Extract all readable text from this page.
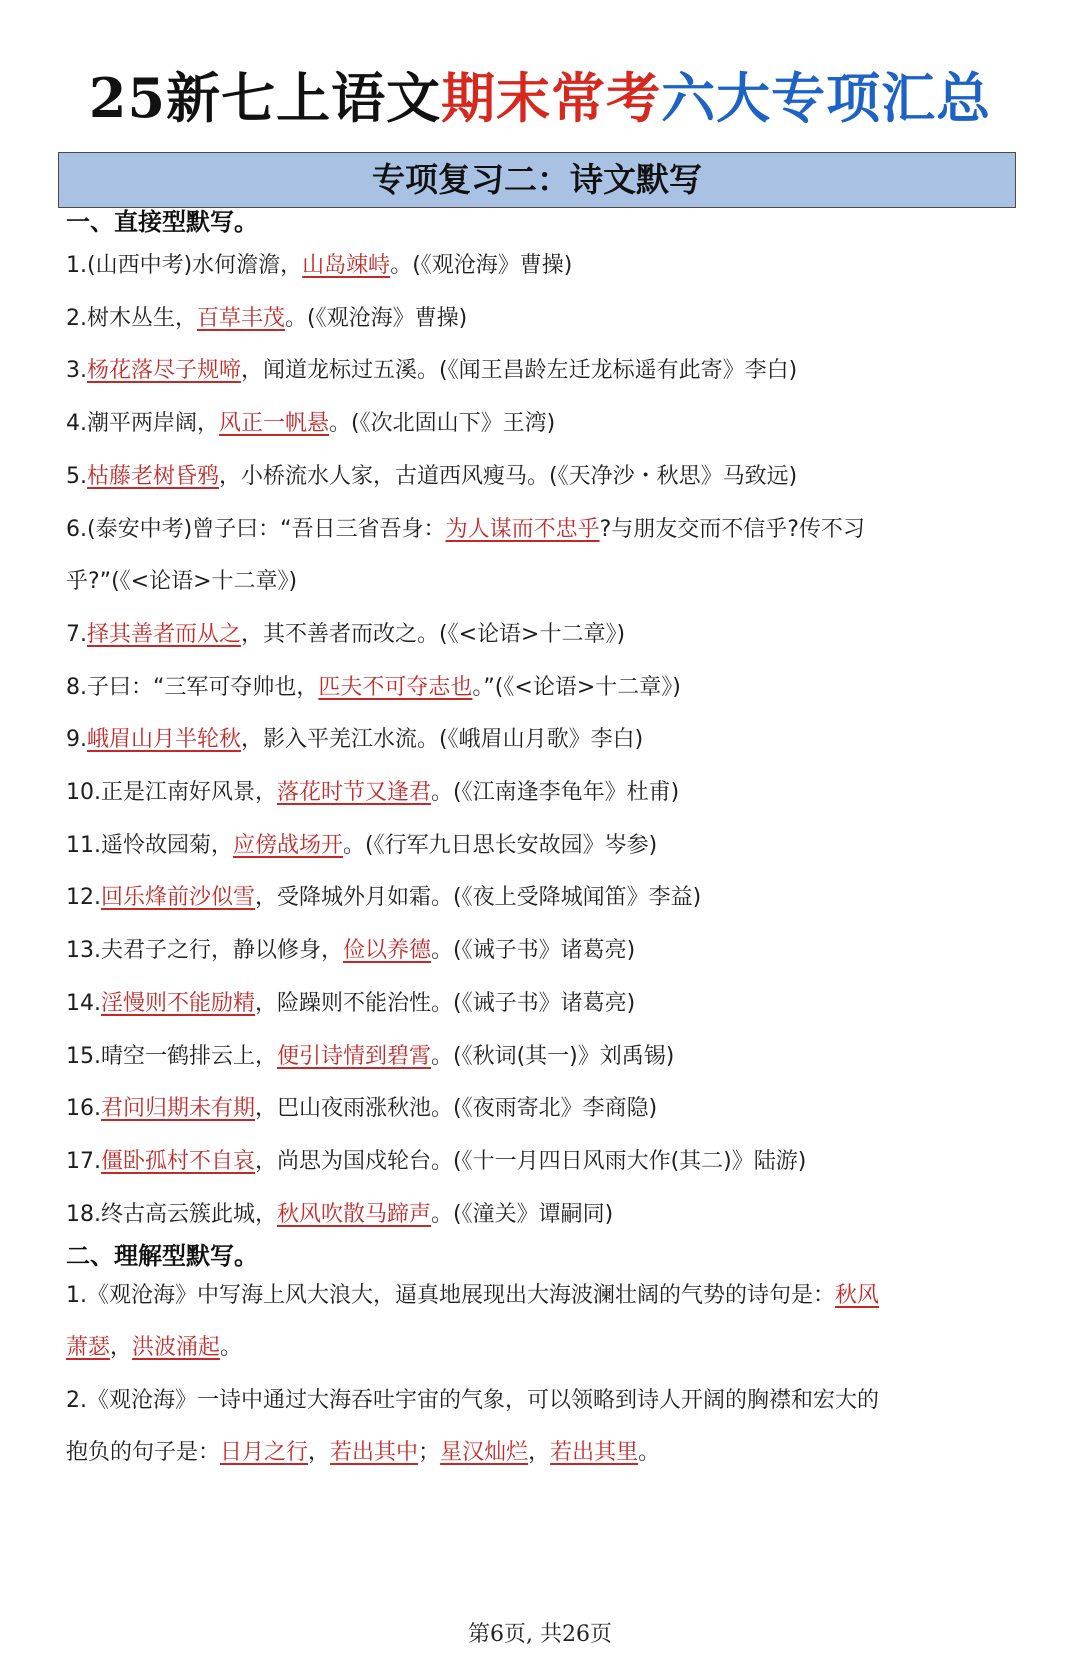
25新七上语文期末常考六大专项汇总
专项复习二：诗文默写
一、直接型默写。
1.(山西中考)水何澹澹，山岛竦峙。(《观沧海》曹操)
2.树木丛生，百草丰茂。(《观沧海》曹操)
3.杨花落尽子规啼，闻道龙标过五溪。(《闻王昌龄左迁龙标遥有此寄》李白)
4.潮平两岸阔，风正一帆悬。(《次北固山下》王湾)
5.枯藤老树昏鸦，小桥流水人家，古道西风瘦马。(《天净沙・秋思》马致远)
6.(泰安中考)曾子曰：“吾日三省吾身：为人谋而不忠乎?与朋友交而不信乎?传不习
乎?”(《<论语>十二章》)
7.择其善者而从之，其不善者而改之。(《<论语>十二章》)
8.子曰：“三军可夺帅也，匹夫不可夺志也。”(《<论语>十二章》)
9.峨眉山月半轮秋，影入平羌江水流。(《峨眉山月歌》李白)
10.正是江南好风景，落花时节又逢君。(《江南逢李龟年》杜甫)
11.遥怜故园菊，应傍战场开。(《行军九日思长安故园》岑参)
12.回乐烽前沙似雪，受降城外月如霜。(《夜上受降城闻笛》李益)
13.夫君子之行，静以修身，俭以养德。(《诫子书》诸葛亮)
14.淫慢则不能励精，险躁则不能治性。(《诫子书》诸葛亮)
15.晴空一鹤排云上，便引诗情到碧霄。(《秋词(其一)》刘禹锡)
16.君问归期未有期，巴山夜雨涨秋池。(《夜雨寄北》李商隐)
17.僵卧孤村不自哀，尚思为国戍轮台。(《十一月四日风雨大作(其二)》陆游)
18.终古高云簇此城，秋风吹散马蹄声。(《潼关》谭嗣同)
二、理解型默写。
1.《观沧海》中写海上风大浪大，逼真地展现出大海波澜壮阔的气势的诗句是：秋风
萧瑟，洪波涌起。
2.《观沧海》一诗中通过大海吞吐宇宙的气象，可以领略到诗人开阔的胸襟和宏大的
抱负的句子是：日月之行，若出其中；星汉灿烂，若出其里。
第6页, 共26页
